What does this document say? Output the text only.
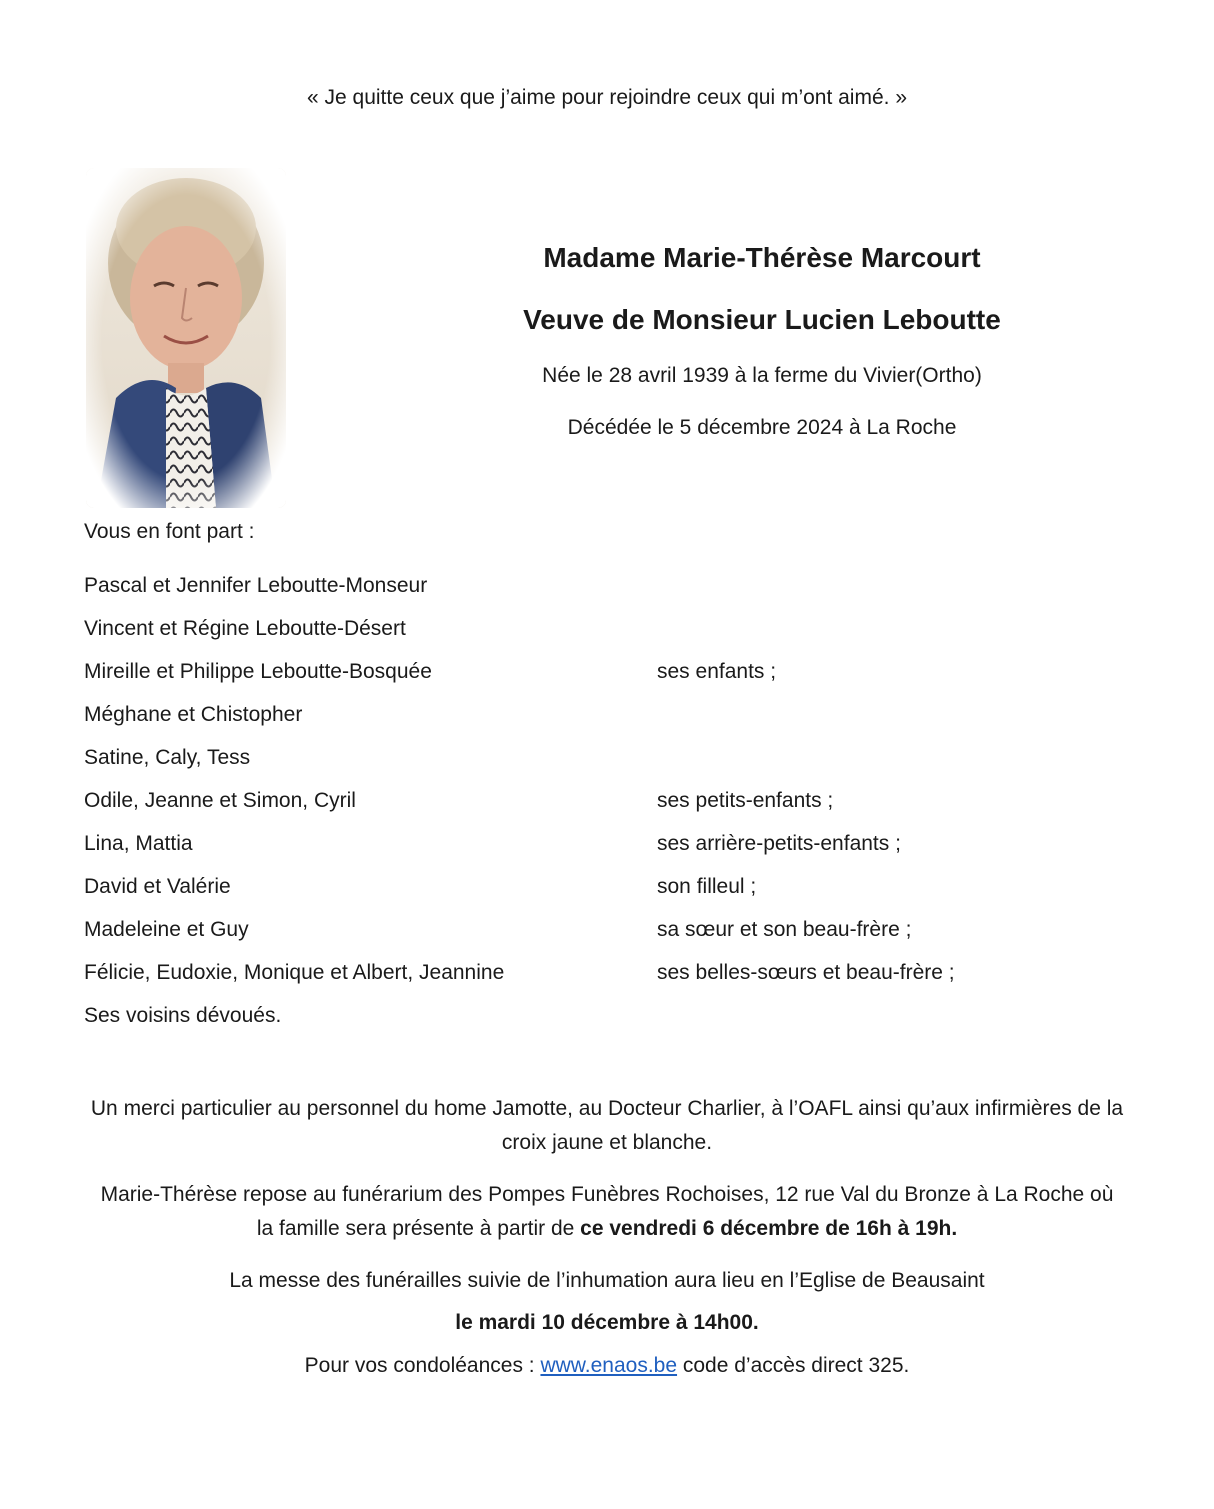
« Je quitte ceux que j’aime pour rejoindre ceux qui m’ont aimé. »
Madame Marie-Thérèse Marcourt
Veuve de Monsieur Lucien Leboutte
Née le 28 avril 1939 à la ferme du Vivier(Ortho)
Décédée le 5 décembre 2024 à La Roche
Vous en font part :
Pascal et Jennifer Leboutte-Monseur
Vincent et Régine Leboutte-Désert
Mireille et Philippe Leboutte-Bosquée	ses enfants ;
Méghane et Chistopher
Satine, Caly, Tess
Odile, Jeanne et Simon, Cyril	ses petits-enfants ;
Lina, Mattia	ses arrière-petits-enfants ;
David et Valérie	son filleul ;
Madeleine et Guy	sa sœur et son beau-frère ;
Félicie, Eudoxie, Monique et Albert, Jeannine	ses belles-sœurs et beau-frère ;
Ses voisins dévoués.
Un merci particulier au personnel du home Jamotte, au Docteur Charlier, à l’OAFL ainsi qu’aux infirmières de la croix jaune et blanche.
Marie-Thérèse repose au funérarium des Pompes Funèbres Rochoises, 12 rue Val du Bronze à La Roche où la famille sera présente à partir de ce vendredi 6 décembre de 16h à 19h.
La messe des funérailles suivie de l’inhumation aura lieu en l’Eglise de Beausaint
le mardi 10 décembre à 14h00.
Pour vos condoléances : www.enaos.be code d’accès direct 325.
